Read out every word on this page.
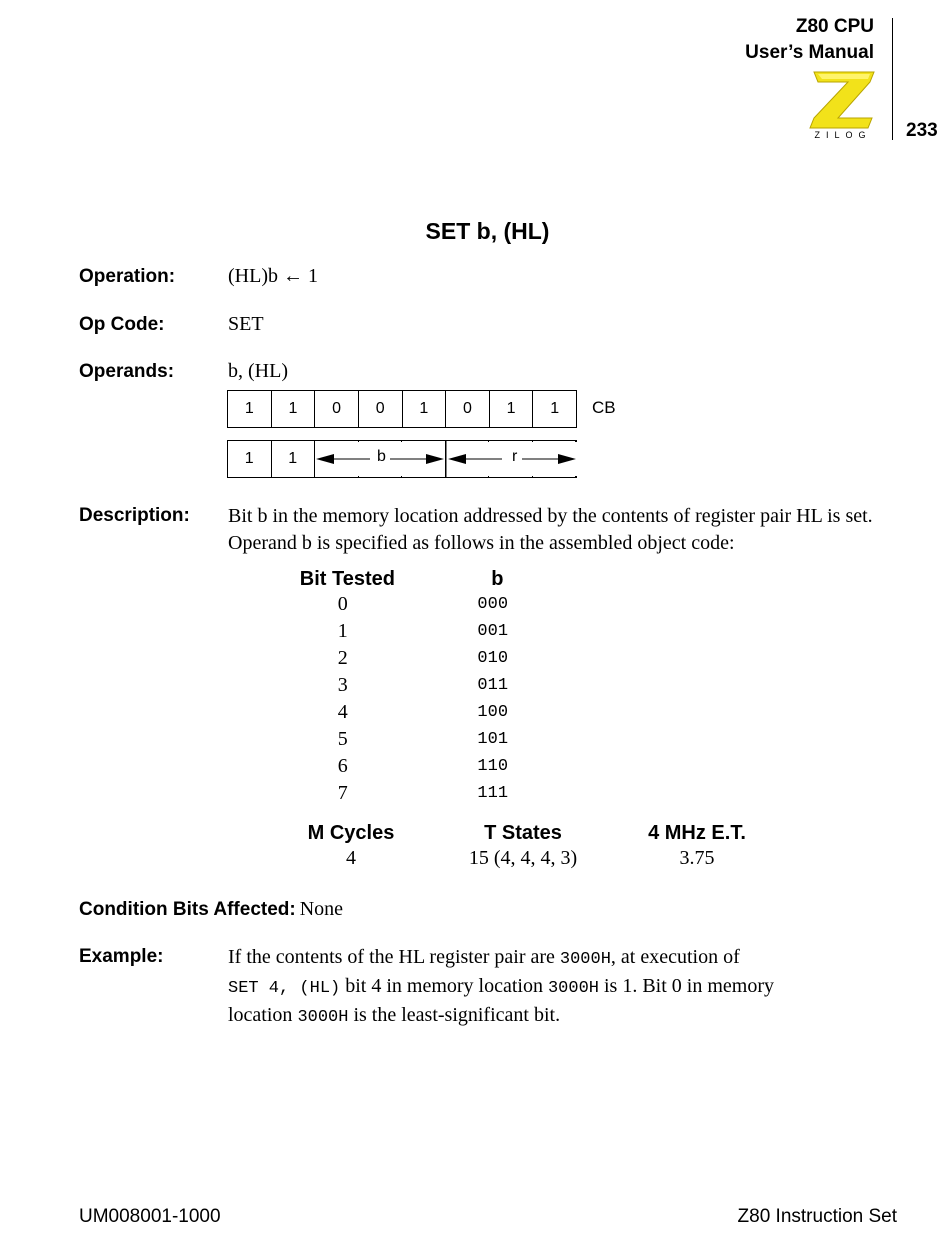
Z80 CPU
User’s Manual
ZILOG	233
SET b, (HL)
Operation:	(HL)b ← 1
Op Code:	SET
Operands:	b, (HL)
1	1	0	0	1	0	1	1	CB
1	1	b	r
Description: Bit b in the memory location addressed by the contents of register pair HL is set. Operand b is specified as follows in the assembled object code:
Bit Tested	b
0	000
1	001
2	010
3	011
4	100
5	101
6	110
7	111
M Cycles	T States	4 MHz E.T.
4	15 (4, 4, 4, 3)	3.75
Condition Bits Affected: None
Example:	If the contents of the HL register pair are 3000H, at execution of
SET 4, (HL) bit 4 in memory location 3000H is 1. Bit 0 in memory
location 3000H is the least-significant bit.
UM008001-1000	Z80 Instruction Set
